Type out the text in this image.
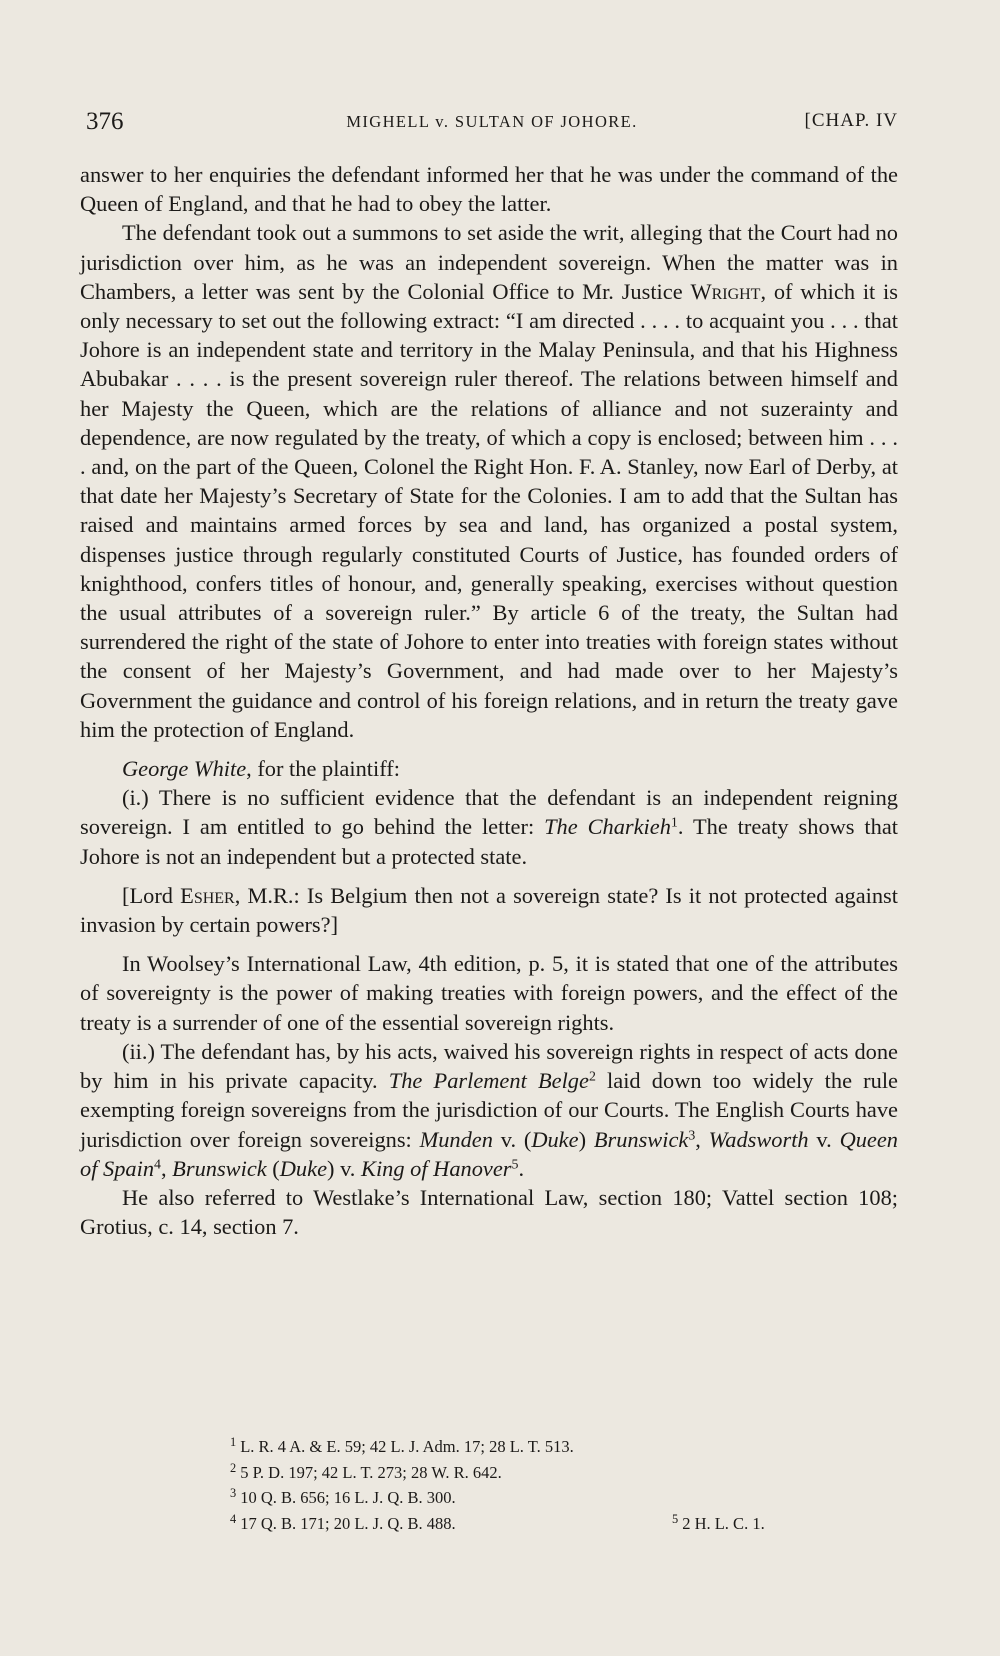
376	MIGHELL v. SULTAN OF JOHORE.	[CHAP. IV

answer to her enquiries the defendant informed her that he was under the command of the Queen of England, and that he had to obey the latter.

The defendant took out a summons to set aside the writ, alleging that the Court had no jurisdiction over him, as he was an independent sovereign. When the matter was in Chambers, a letter was sent by the Colonial Office to Mr. Justice Wright, of which it is only necessary to set out the following extract: “I am directed . . . . to acquaint you . . . that Johore is an independent state and territory in the Malay Peninsula, and that his Highness Abubakar . . . . is the present sovereign ruler thereof. The relations between himself and her Majesty the Queen, which are the relations of alliance and not suzerainty and dependence, are now regulated by the treaty, of which a copy is enclosed; between him . . . . and, on the part of the Queen, Colonel the Right Hon. F. A. Stanley, now Earl of Derby, at that date her Majesty’s Secretary of State for the Colonies. I am to add that the Sultan has raised and maintains armed forces by sea and land, has organized a postal system, dispenses justice through regularly constituted Courts of Justice, has founded orders of knighthood, confers titles of honour, and, generally speaking, exercises without question the usual attributes of a sovereign ruler.” By article 6 of the treaty, the Sultan had surrendered the right of the state of Johore to enter into treaties with foreign states without the consent of her Majesty’s Government, and had made over to her Majesty’s Government the guidance and control of his foreign relations, and in return the treaty gave him the protection of England.

George White, for the plaintiff:

(i.) There is no sufficient evidence that the defendant is an independent reigning sovereign. I am entitled to go behind the letter: The Charkieh$^1$. The treaty shows that Johore is not an independent but a protected state.

[Lord Esher, M.R.: Is Belgium then not a sovereign state? Is it not protected against invasion by certain powers?]

In Woolsey’s International Law, 4th edition, p. 5, it is stated that one of the attributes of sovereignty is the power of making treaties with foreign powers, and the effect of the treaty is a surrender of one of the essential sovereign rights.

(ii.) The defendant has, by his acts, waived his sovereign rights in respect of acts done by him in his private capacity. The Parlement Belge$^2$ laid down too widely the rule exempting foreign sovereigns from the jurisdiction of our Courts. The English Courts have jurisdiction over foreign sovereigns: Munden v. (Duke) Brunswick$^3$, Wadsworth v. Queen of Spain$^4$, Brunswick (Duke) v. King of Hanover$^5$.

He also referred to Westlake’s International Law, section 180; Vattel section 108; Grotius, c. 14, section 7.

$^1$ L. R. 4 A. & E. 59; 42 L. J. Adm. 17; 28 L. T. 513.
$^2$ 5 P. D. 197; 42 L. T. 273; 28 W. R. 642.
$^3$ 10 Q. B. 656; 16 L. J. Q. B. 300.
$^4$ 17 Q. B. 171; 20 L. J. Q. B. 488.	$^5$ 2 H. L. C. 1.
